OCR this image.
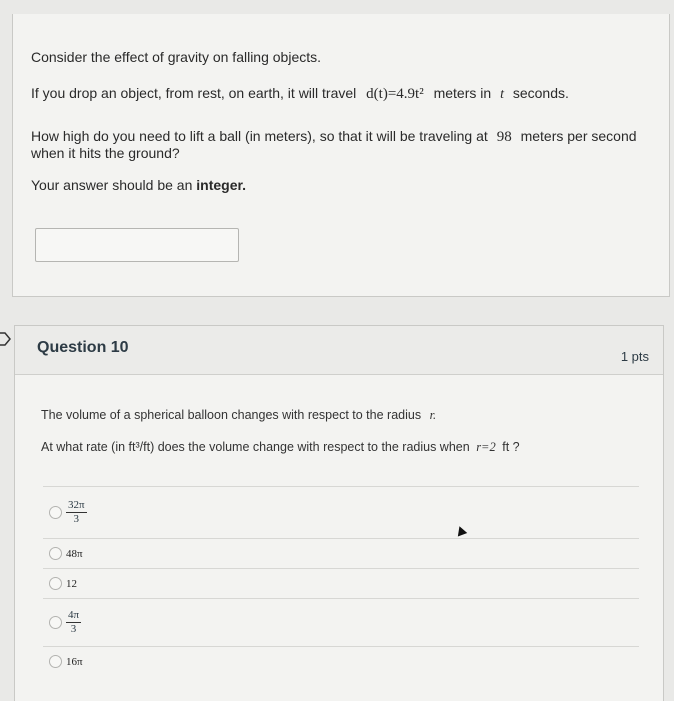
Consider the effect of gravity on falling objects.
If you drop an object, from rest, on earth, it will travel d(t)=4.9t² meters in t seconds.
How high do you need to lift a ball (in meters), so that it will be traveling at 98 meters per second
when it hits the ground?
Your answer should be an integer.
Question 10
1 pts
The volume of a spherical balloon changes with respect to the radius r.
At what rate (in ft³/ft) does the volume change with respect to the radius when r=2 ft ?
$\frac{32\pi}{3}$
48π
12
$\frac{4\pi}{3}$
16π
